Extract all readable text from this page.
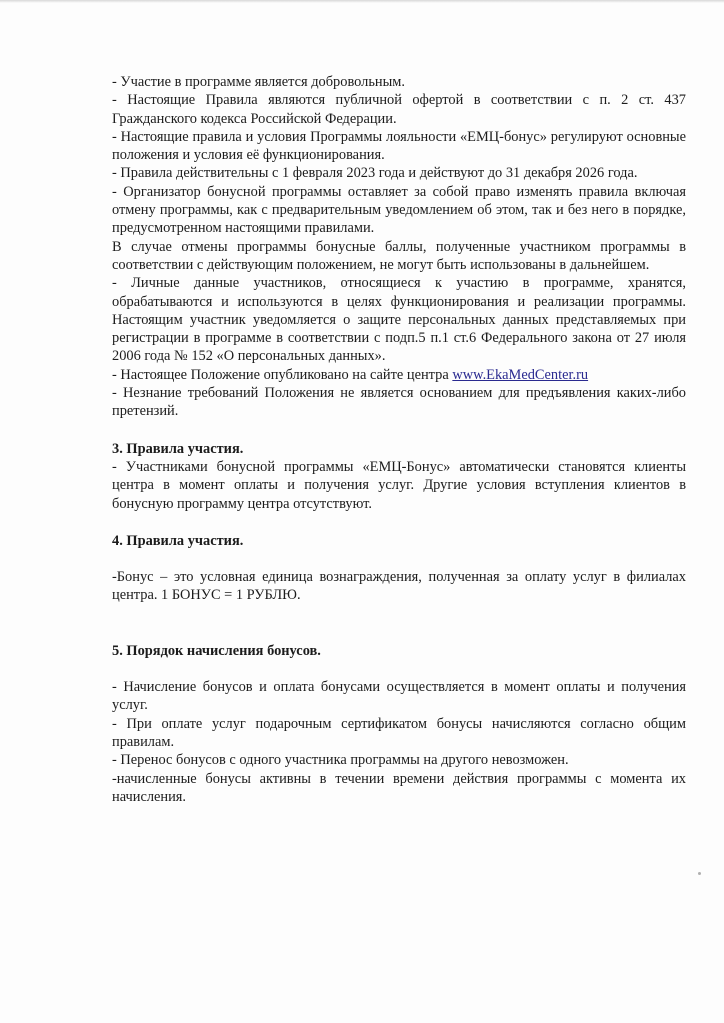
- Участие в программе является добровольным.

- Настоящие Правила являются публичной офертой в соответствии с п. 2 ст. 437 Гражданского кодекса Российской Федерации.

- Настоящие правила и условия Программы лояльности «ЕМЦ-бонус» регулируют основные положения и условия её функционирования.

- Правила действительны с 1 февраля 2023 года и действуют до 31 декабря 2026 года.

- Организатор бонусной программы оставляет за собой право изменять правила включая отмену программы, как с предварительным уведомлением об этом, так и без него в порядке, предусмотренном настоящими правилами.

В случае отмены программы бонусные баллы, полученные участником программы в соответствии с действующим положением, не могут быть использованы в дальнейшем.

- Личные данные участников, относящиеся к участию в программе, хранятся, обрабатываются и используются в целях функционирования и реализации программы. Настоящим участник уведомляется о защите персональных данных представляемых при регистрации в программе в соответствии с подп.5 п.1 ст.6 Федерального закона от 27 июля 2006 года № 152 «О персональных данных».

- Настоящее Положение опубликовано на сайте центра www.EkaMedCenter.ru

- Незнание требований Положения не является основанием для предъявления каких-либо претензий.

3. Правила участия.

- Участниками бонусной программы «ЕМЦ-Бонус» автоматически становятся клиенты центра в момент оплаты и получения услуг. Другие условия вступления клиентов в бонусную программу центра отсутствуют.

4. Правила участия.

-Бонус – это условная единица вознаграждения, полученная за оплату услуг в филиалах центра. 1 БОНУС = 1 РУБЛЮ.

5. Порядок начисления бонусов.

- Начисление бонусов и оплата бонусами осуществляется в момент оплаты и получения услуг.

- При оплате услуг подарочным сертификатом бонусы начисляются согласно общим правилам.

- Перенос бонусов с одного участника программы на другого невозможен.

-начисленные бонусы активны в течении времени действия программы с момента их начисления.
